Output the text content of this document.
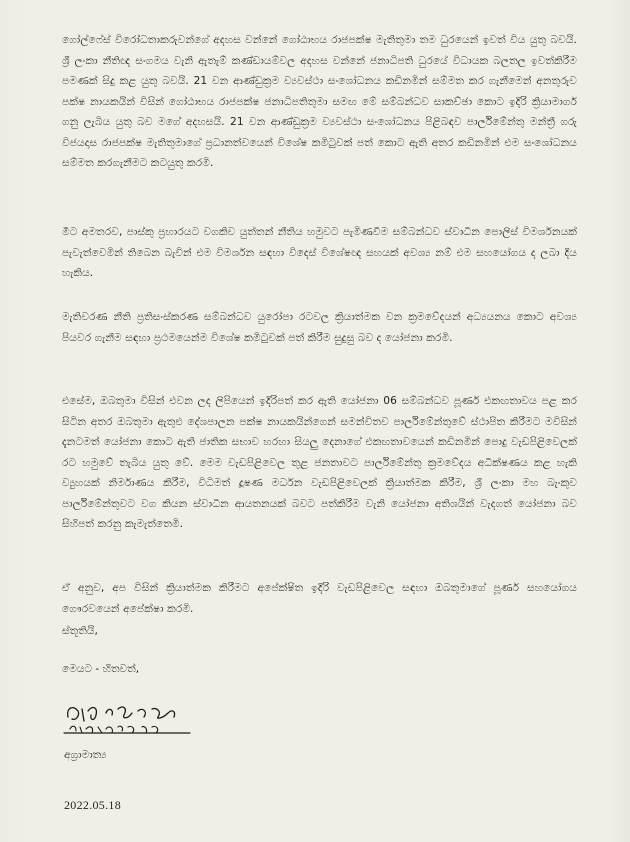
ගෝල්ෆේස් විරෝධතාකරුවන්ගේ අදහස වන්නේ ගෝඨාභය රාජපක්ෂ මැතිතුමා තම ධුරයෙන් ඉවත් විය යුතු බවයි. ශ්‍රී ලංකා නීතිඥ සංගමය වැනි ඇතැම් කණ්ඩායම්වල අදහස වන්නේ ජනාධිපති ධුරයේ විධායක බලතල ඉවත්කිරීම පමණක් සිදු කළ යුතු බවයි. 21 වන ආණ්ඩුක්‍රම ව්‍යවස්ථා සංශෝධනය කඩිනමින් සම්මත කර ගැනීමෙන් අනතුරුව පක්ෂ නායකයින් විසින් ගෝඨාභය රාජපක්ෂ ජනාධිපතිතුමා සමඟ මේ සම්බන්ධව සාකච්ඡා කොට ඉදිරි ක්‍රියාමාර්ග ගනු ලැබිය යුතු බව මගේ අදහසයි. 21 වන ආණ්ඩුක්‍රම ව්‍යවස්ථා සංශෝධනය පිළිබඳව පාර්ලිමේන්තු මන්ත්‍රී ගරු විජයදාස රාජපක්ෂ මැතිතුමාගේ ප්‍රධානත්වයෙන් විශේෂ කමිටුවක් පත් කොට ඇති අතර කඩිනමින් එම සංශෝධනය සම්මත කරගැනීමට කටයුතු කරමි.

මීට අමතරව, පාස්කු ප්‍රහාරයට වගකිව යුත්තන් නීතිය හමුවට පැමිණවීම සම්බන්ධව ස්වාධීන පොලිස් විමර්ශනයක් පැවැත්වෙමින් තිබෙන බැවින් එම විමර්ශන සඳහා විදෙස් විශේෂඥ සහයක් අවශ්‍ය නම් එම සහයෝගය ද ලබා දිය හැකිය.

මැතිවරණ නීති ප්‍රතිසංස්කරණ සම්බන්ධව යුරෝපා රටවල ක්‍රියාත්මක වන ක්‍රමවේදයන් අධ්‍යයනය කොට අවශ්‍ය පියවර ගැනීම සඳහා ප්‍රථමයෙන්ම විශේෂ කමිටුවක් පත් කිරීම සුදුසු බව ද යෝජනා කරමි.

එසේම, ඔබතුමා විසින් එවන ලද ලිපියෙන් ඉදිරිපත් කර ඇති යෝජනා 06 සම්බන්ධව පූර්ණ එකඟතාවය පළ කර සිටින අතර ඔබතුමා ඇතුළු දේශපාලන පක්ෂ නායකයින්ගෙන් සමන්විතව පාර්ලිමේන්තුවේ ස්ථාපිත කිරීමට මවිසින් දැනටමත් යෝජනා කොට ඇති ජාතික සභාව හරහා සියලු දෙනාගේ එකඟතාවයෙන් කඩිනමින් පොදු වැඩපිළිවෙලක් රට හමුවේ තැබිය යුතු වේ. මෙම වැඩපිළිවෙල තුළ ජනතාවට පාර්ලිමේන්තු ක්‍රමවේදය අධීක්ෂණය කළ හැකි ව්‍යුහයක් නිර්මාණය කිරීම, විධිමත් දූෂණ මර්ධන වැඩපිළිවෙලක් ක්‍රියාත්මක කිරීම, ශ්‍රී ලංකා මහ බැංකුව පාර්ලිමේන්තුවට වග කියන ස්වාධීන ආයතනයක් බවට පත්කිරීම වැනි යෝජනා අතිශයින් වැදගත් යෝජනා බව සිහිපත් කරනු කැමැත්තෙමි.

ඒ අනුව, අප විසින් ක්‍රියාත්මක කිරීමට අපේක්ෂිත ඉදිරි වැඩපිළිවෙල සඳහා ඔබතුමාගේ පූර්ණ සහයෝගය ගෞරවයෙන් අපේක්ෂා කරමි.

ස්තූතියි,

මෙයට - හිතවත්,

අග්‍රාමාත්‍ය

2022.05.18
